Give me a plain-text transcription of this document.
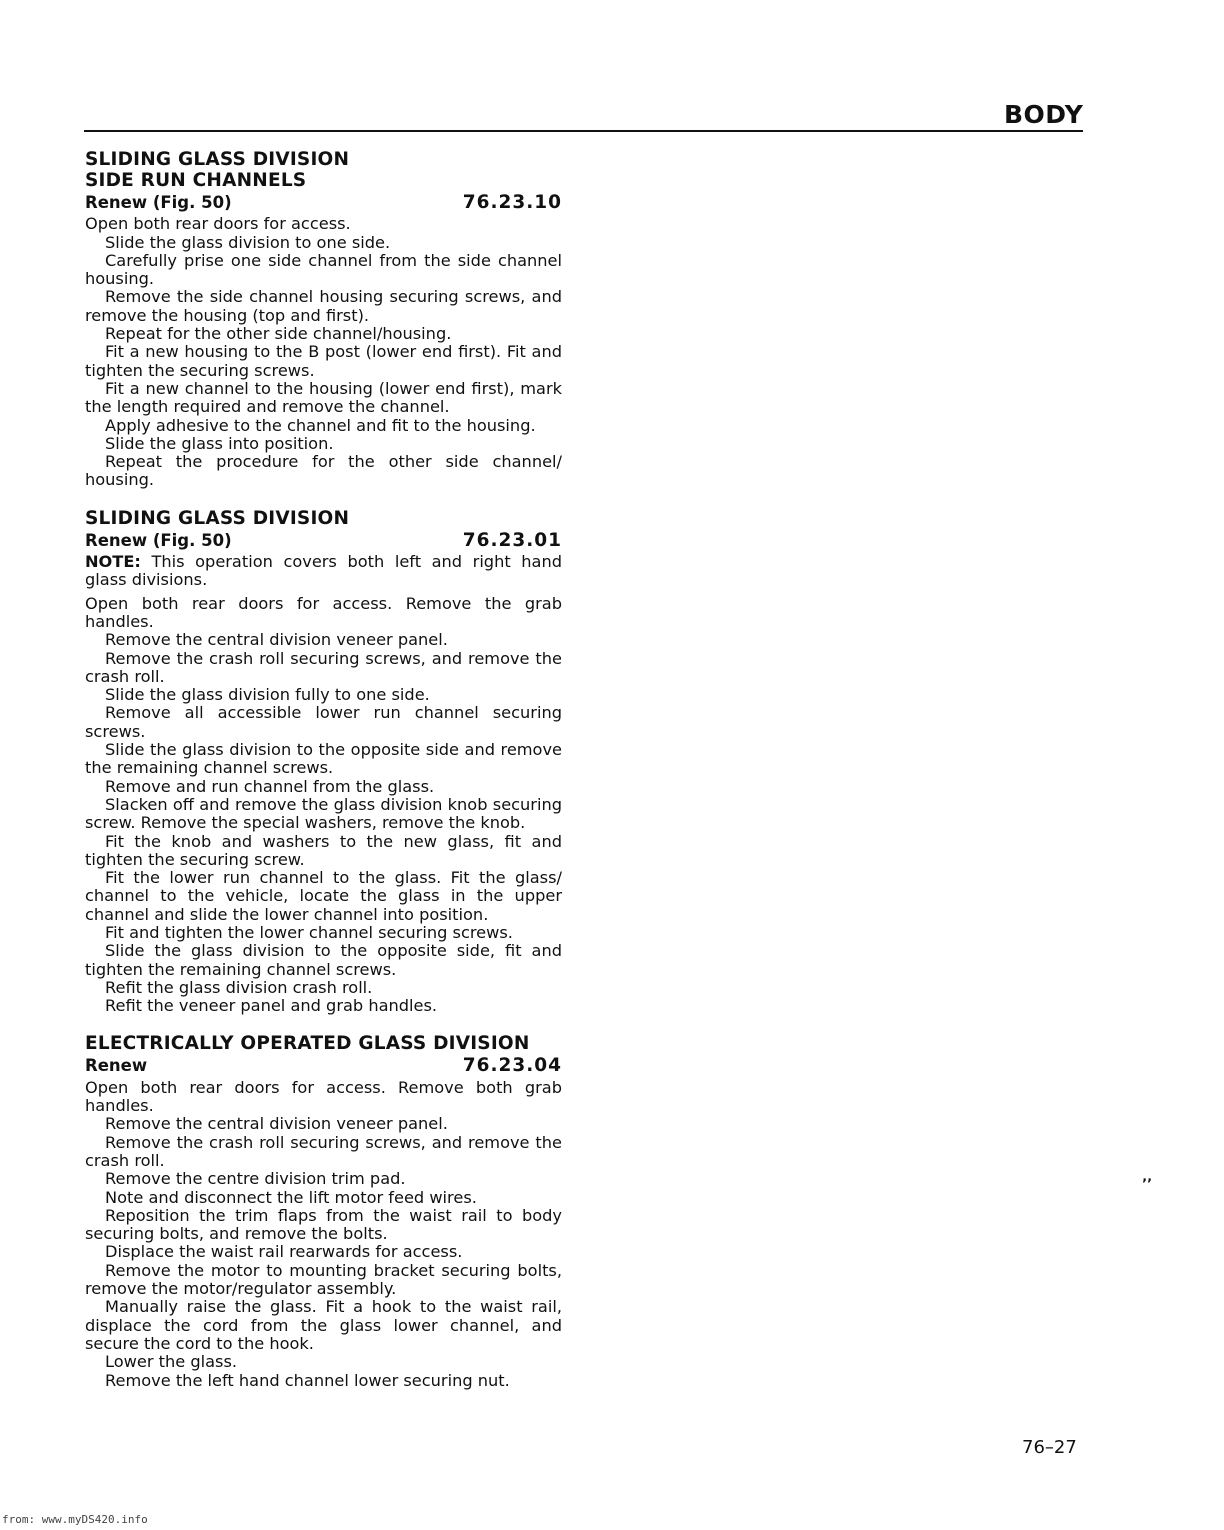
BODY
SLIDING GLASS DIVISION
SIDE RUN CHANNELS
Renew (Fig. 50)	76.23.10

Open both rear doors for access.

Slide the glass division to one side.

Carefully prise one side channel from the side channel housing.

Remove the side channel housing securing screws, and remove the housing (top and first).

Repeat for the other side channel/housing.

Fit a new housing to the B post (lower end first). Fit and tighten the securing screws.

Fit a new channel to the housing (lower end first), mark the length required and remove the channel.

Apply adhesive to the channel and fit to the housing.

Slide the glass into position.

Repeat the procedure for the other side channel/ housing.

SLIDING GLASS DIVISION
Renew (Fig. 50)	76.23.01

NOTE: This operation covers both left and right hand glass divisions.

Open both rear doors for access. Remove the grab handles.

Remove the central division veneer panel.

Remove the crash roll securing screws, and remove the crash roll.

Slide the glass division fully to one side.

Remove all accessible lower run channel securing screws.

Slide the glass division to the opposite side and remove the remaining channel screws.

Remove and run channel from the glass.

Slacken off and remove the glass division knob securing screw. Remove the special washers, remove the knob.

Fit the knob and washers to the new glass, fit and tighten the securing screw.

Fit the lower run channel to the glass. Fit the glass/ channel to the vehicle, locate the glass in the upper channel and slide the lower channel into position.

Fit and tighten the lower channel securing screws.

Slide the glass division to the opposite side, fit and tighten the remaining channel screws.

Refit the glass division crash roll.

Refit the veneer panel and grab handles.

ELECTRICALLY OPERATED GLASS DIVISION
Renew	76.23.04

Open both rear doors for access. Remove both grab handles.

Remove the central division veneer panel.

Remove the crash roll securing screws, and remove the crash roll.

Remove the centre division trim pad.

Note and disconnect the lift motor feed wires.

Reposition the trim flaps from the waist rail to body securing bolts, and remove the bolts.

Displace the waist rail rearwards for access.

Remove the motor to mounting bracket securing bolts, remove the motor/regulator assembly.

Manually raise the glass. Fit a hook to the waist rail, displace the cord from the glass lower channel, and secure the cord to the hook.

Lower the glass.

Remove the left hand channel lower securing nut.

‚‚
76–27
from: www.myDS420.info
